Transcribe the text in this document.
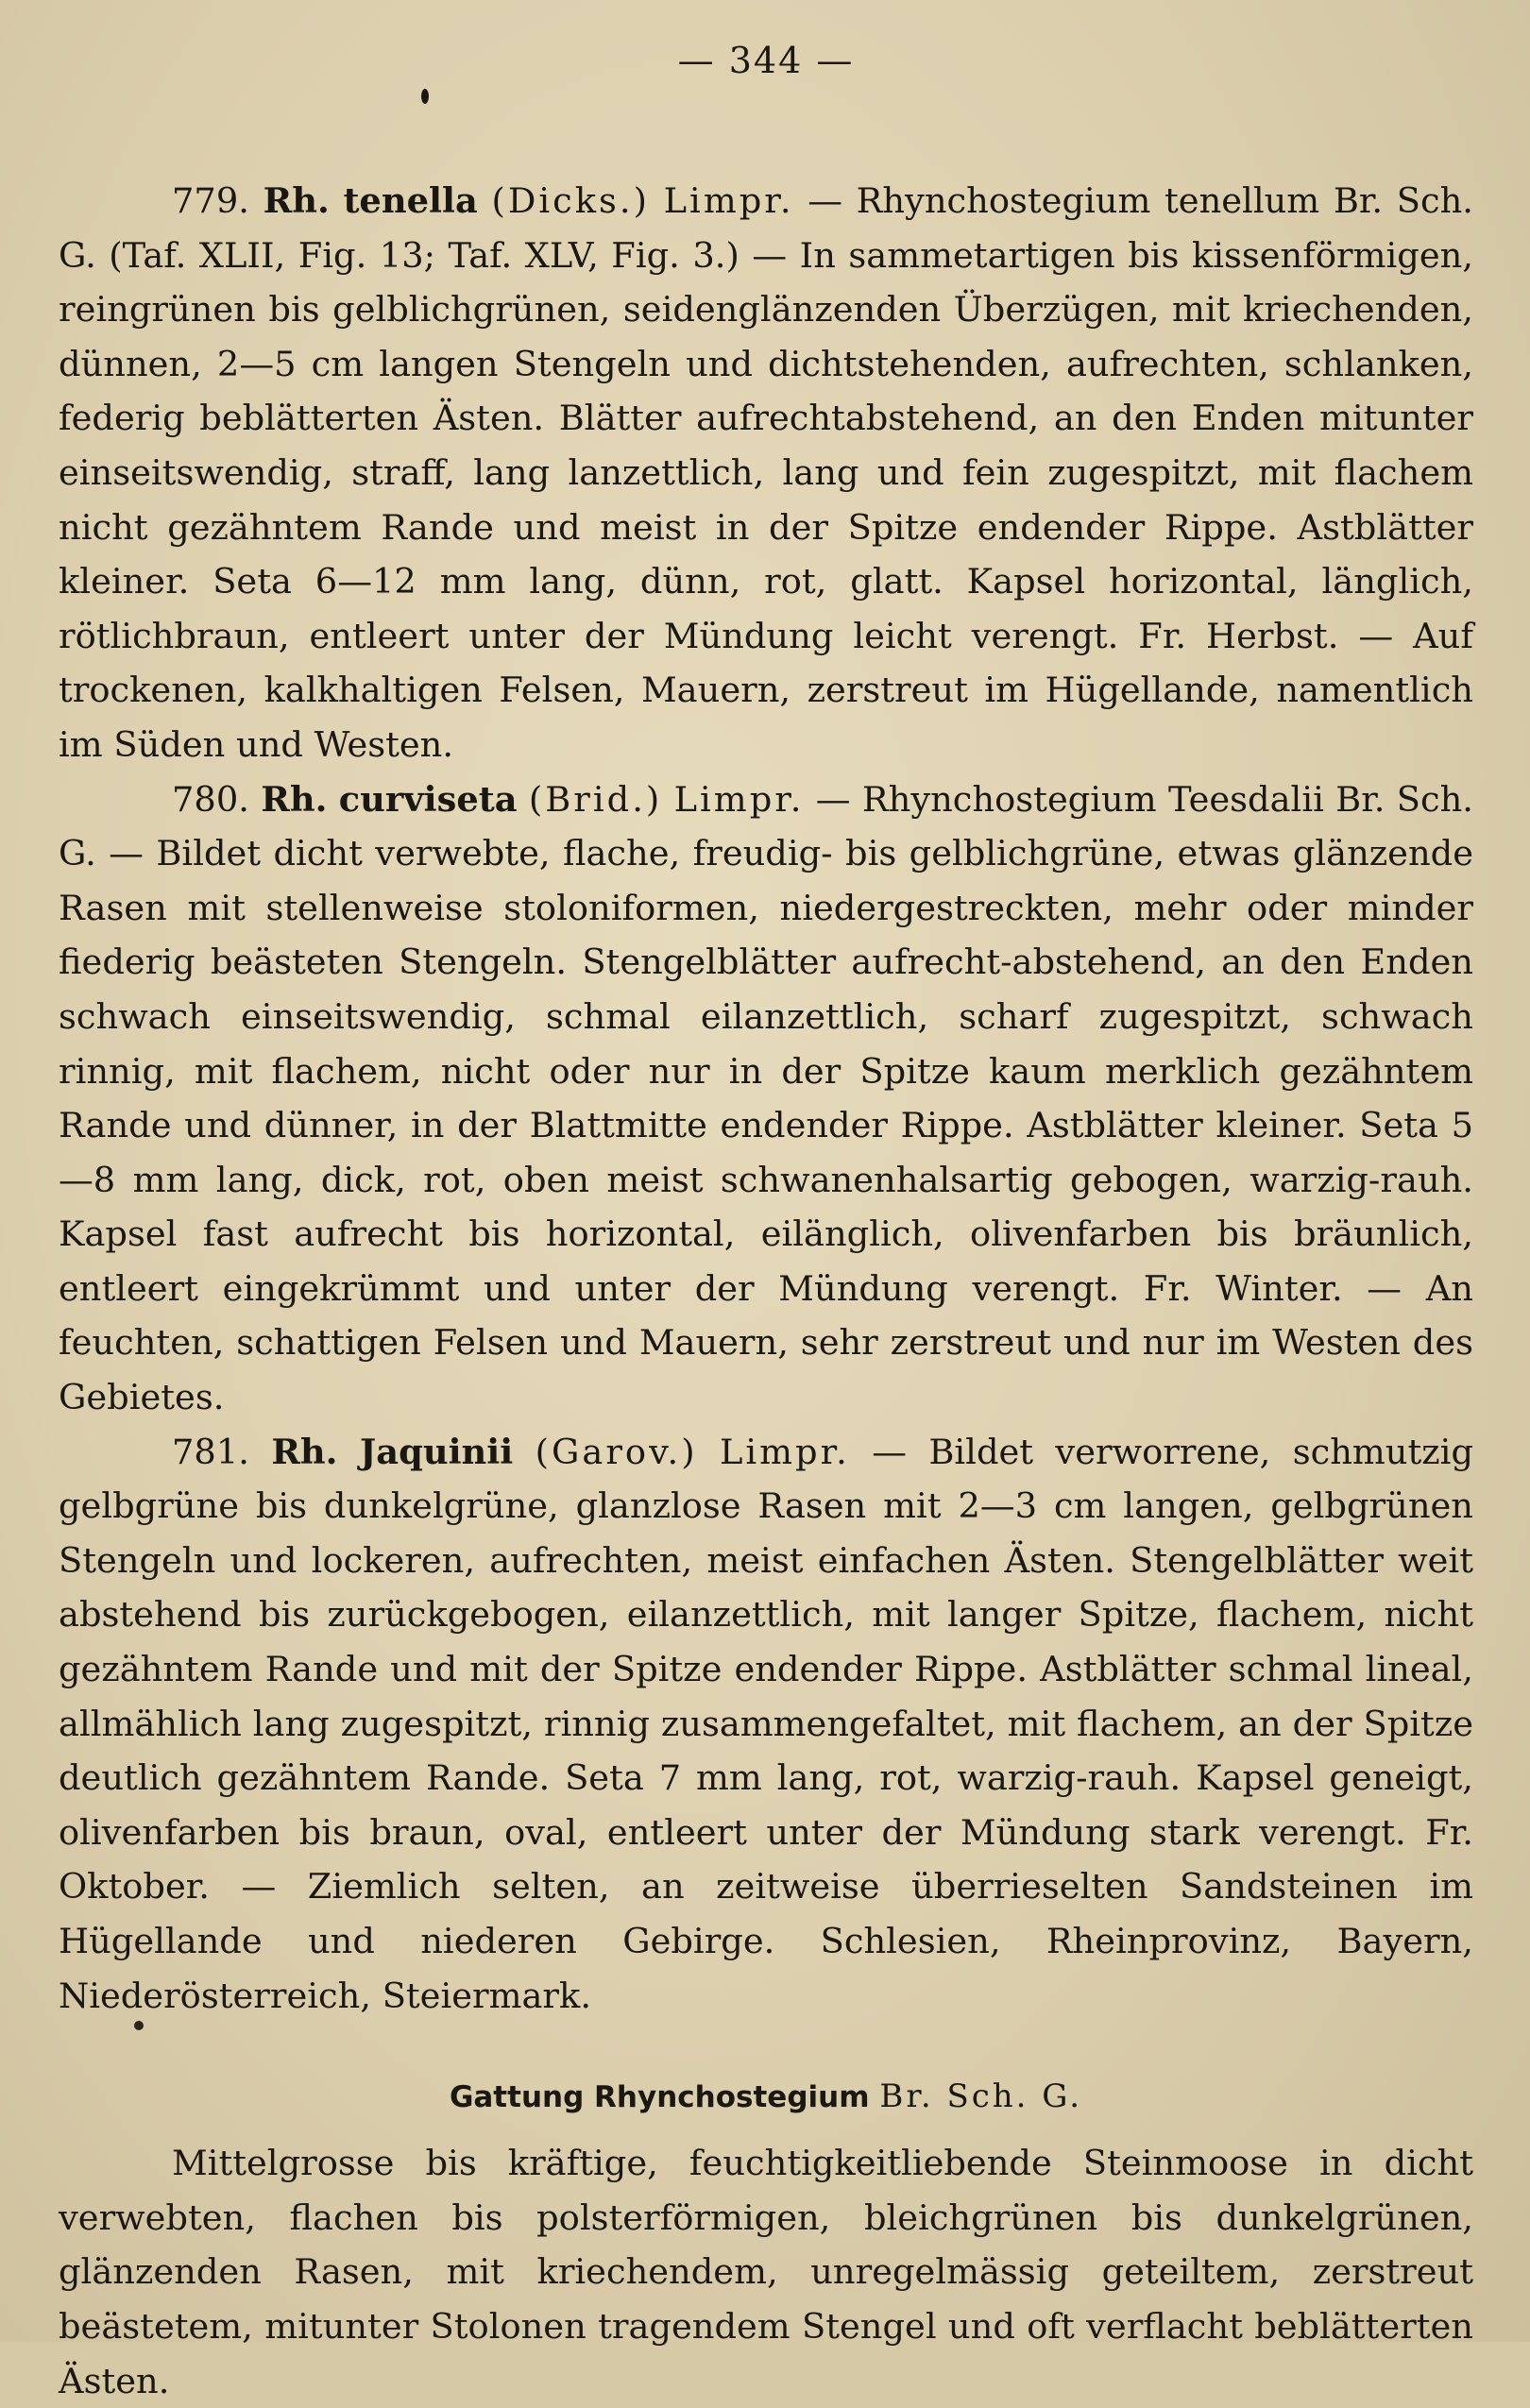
— 344 —

779. Rh. tenella (Dicks.) Limpr. — Rhynchostegium tenellum Br. Sch. G. (Taf. XLII, Fig. 13; Taf. XLV, Fig. 3.) — In sammetartigen bis kissenförmigen, reingrünen bis gelblichgrünen, seidenglänzenden Überzügen, mit kriechenden, dünnen, 2—5 cm langen Stengeln und dichtstehenden, aufrechten, schlanken, federig beblätterten Ästen. Blätter aufrechtabstehend, an den Enden mitunter einseitswendig, straff, lang lanzettlich, lang und fein zugespitzt, mit flachem nicht gezähntem Rande und meist in der Spitze endender Rippe. Astblätter kleiner. Seta 6—12 mm lang, dünn, rot, glatt. Kapsel horizontal, länglich, rötlichbraun, entleert unter der Mündung leicht verengt. Fr. Herbst. — Auf trockenen, kalkhaltigen Felsen, Mauern, zerstreut im Hügellande, namentlich im Süden und Westen.

780. Rh. curviseta (Brid.) Limpr. — Rhynchostegium Teesdalii Br. Sch. G. — Bildet dicht verwebte, flache, freudig- bis gelblichgrüne, etwas glänzende Rasen mit stellenweise stoloniformen, niedergestreckten, mehr oder minder fiederig beästeten Stengeln. Stengelblätter aufrecht-abstehend, an den Enden schwach einseitswendig, schmal eilanzettlich, scharf zugespitzt, schwach rinnig, mit flachem, nicht oder nur in der Spitze kaum merklich gezähntem Rande und dünner, in der Blattmitte endender Rippe. Astblätter kleiner. Seta 5—8 mm lang, dick, rot, oben meist schwanenhalsartig gebogen, warzig-rauh. Kapsel fast aufrecht bis horizontal, eilänglich, olivenfarben bis bräunlich, entleert eingekrümmt und unter der Mündung verengt. Fr. Winter. — An feuchten, schattigen Felsen und Mauern, sehr zerstreut und nur im Westen des Gebietes.

781. Rh. Jaquinii (Garov.) Limpr. — Bildet verworrene, schmutzig gelbgrüne bis dunkelgrüne, glanzlose Rasen mit 2—3 cm langen, gelbgrünen Stengeln und lockeren, aufrechten, meist einfachen Ästen. Stengelblätter weit abstehend bis zurückgebogen, eilanzettlich, mit langer Spitze, flachem, nicht gezähntem Rande und mit der Spitze endender Rippe. Astblätter schmal lineal, allmählich lang zugespitzt, rinnig zusammengefaltet, mit flachem, an der Spitze deutlich gezähntem Rande. Seta 7 mm lang, rot, warzig-rauh. Kapsel geneigt, olivenfarben bis braun, oval, entleert unter der Mündung stark verengt. Fr. Oktober. — Ziemlich selten, an zeitweise überrieselten Sandsteinen im Hügellande und niederen Gebirge. Schlesien, Rheinprovinz, Bayern, Niederösterreich, Steiermark.

Gattung Rhynchostegium Br. Sch. G.

Mittelgrosse bis kräftige, feuchtigkeitliebende Steinmoose in dicht verwebten, flachen bis polsterförmigen, bleichgrünen bis dunkelgrünen, glänzenden Rasen, mit kriechendem, unregelmässig geteiltem, zerstreut beästetem, mitunter Stolonen tragendem Stengel und oft verflacht beblätterten Ästen.
